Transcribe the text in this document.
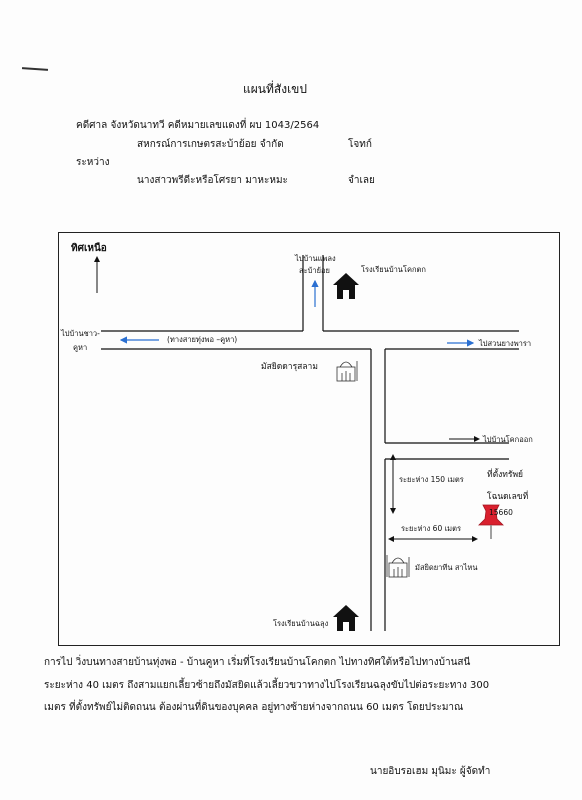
แผนที่สังเขป
คดีศาล จังหวัดนาทวี คดีหมายเลขแดงที่ ผบ 1043/2564
สหกรณ์การเกษตรสะบ้าย้อย จำกัด	โจทก์
ระหว่าง
นางสาวพรีดีะหรือโศรยา มาหะหมะ	จำเลย
ทิศเหนือ
ไปบ้านแพลง
สะบ้าย้อย	โรงเรียนบ้านโคกตก
ไปบ้านชาว-
คูหา
(ทางสายทุ่งพอ –คูหา)	ไปสวนยางพารา
มัสยิดดารุสลาม
ไปบ้านโคกออก
ระยะห่าง 150 เมตร	ที่ตั้งทรัพย์
โฉนดเลขที่
15660
ระยะห่าง 60 เมตร
มัสยิดยาทีน สาไหน
โรงเรียนบ้านฉลุง
การไป วิ่งบนทางสายบ้านทุ่งพอ - บ้านคูหา เริ่มที่โรงเรียนบ้านโคกตก ไปทางทิศใต้หรือไปทางบ้านสนี
ระยะห่าง 40 เมตร ถึงสามแยกเลี้ยวซ้ายถึงมัสยิดแล้วเลี้ยวขวาทางไปโรงเรียนฉลุงขับไปต่อระยะทาง 300
เมตร ที่ตั้งทรัพย์ไม่ติดถนน ต้องผ่านที่ดินของบุคคล อยู่ทางซ้ายห่างจากถนน 60 เมตร โดยประมาณ
นายอิบรอเฮม มุนิมะ ผู้จัดทำ
